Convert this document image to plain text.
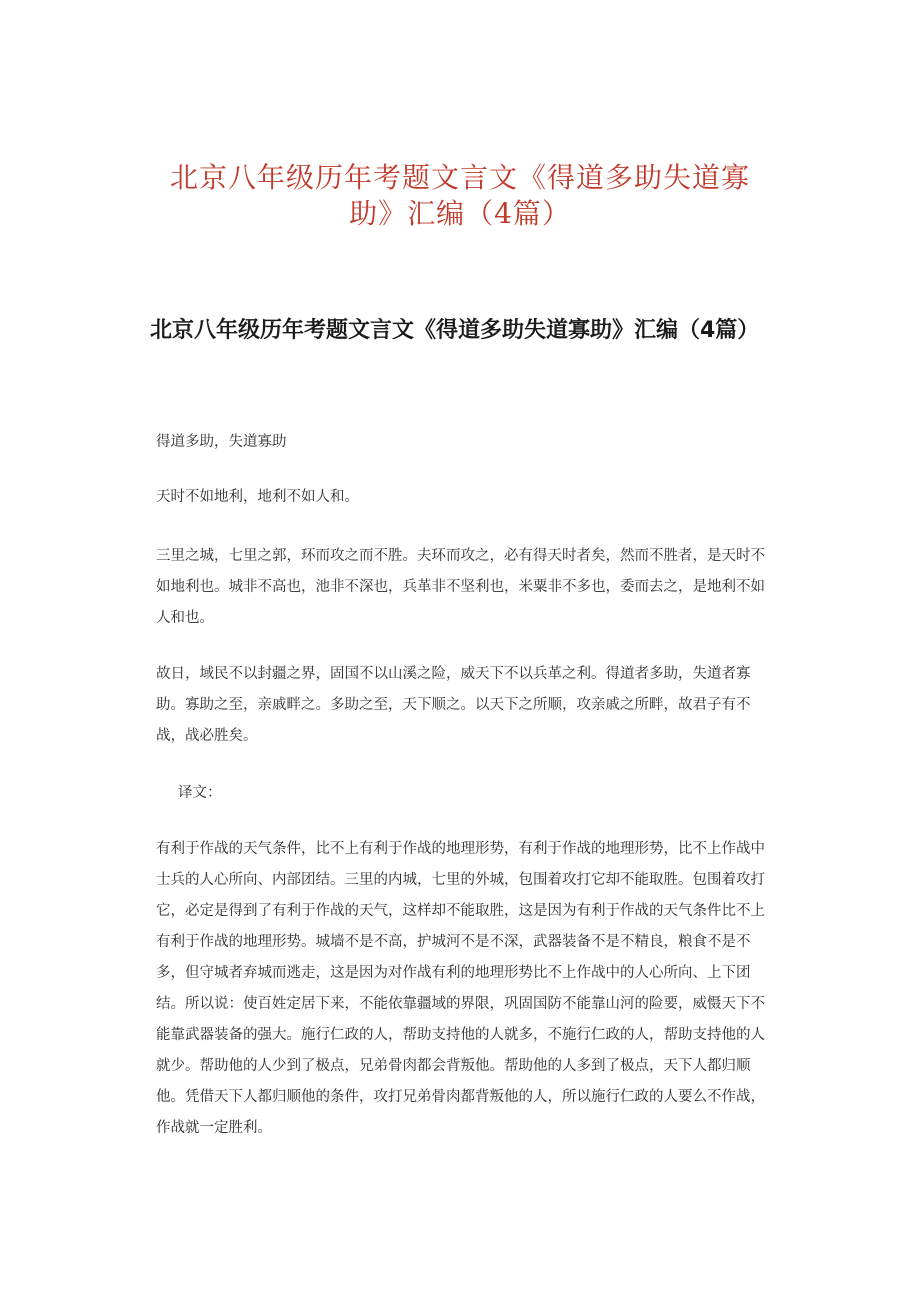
北京八年级历年考题文言文《得道多助失道寡
助》汇编（4篇）
北京八年级历年考题文言文《得道多助失道寡助》汇编（4篇）

得道多助，失道寡助

天时不如地利，地利不如人和。

三里之城，七里之郭，环而攻之而不胜。夫环而攻之，必有得天时者矣，然而不胜者，是天时不如地利也。城非不高也，池非不深也，兵革非不坚利也，米粟非不多也，委而去之，是地利不如人和也。

故日，域民不以封疆之界，固国不以山溪之险，威天下不以兵革之利。得道者多助，失道者寡助。寡助之至，亲戚畔之。多助之至，天下顺之。以天下之所顺，攻亲戚之所畔，故君子有不战，战必胜矣。

译文：

有利于作战的天气条件，比不上有利于作战的地理形势，有利于作战的地理形势，比不上作战中士兵的人心所向、内部团结。三里的内城，七里的外城，包围着攻打它却不能取胜。包围着攻打它，必定是得到了有利于作战的天气，这样却不能取胜，这是因为有利于作战的天气条件比不上有利于作战的地理形势。城墙不是不高，护城河不是不深，武器装备不是不精良，粮食不是不多，但守城者弃城而逃走，这是因为对作战有利的地理形势比不上作战中的人心所向、上下团结。所以说：使百姓定居下来，不能依靠疆域的界限，巩固国防不能靠山河的险要，威慑天下不能靠武器装备的强大。施行仁政的人，帮助支持他的人就多，不施行仁政的人，帮助支持他的人就少。帮助他的人少到了极点，兄弟骨肉都会背叛他。帮助他的人多到了极点，天下人都归顺他。凭借天下人都归顺他的条件，攻打兄弟骨肉都背叛他的人，所以施行仁政的人要么不作战，作战就一定胜利。
